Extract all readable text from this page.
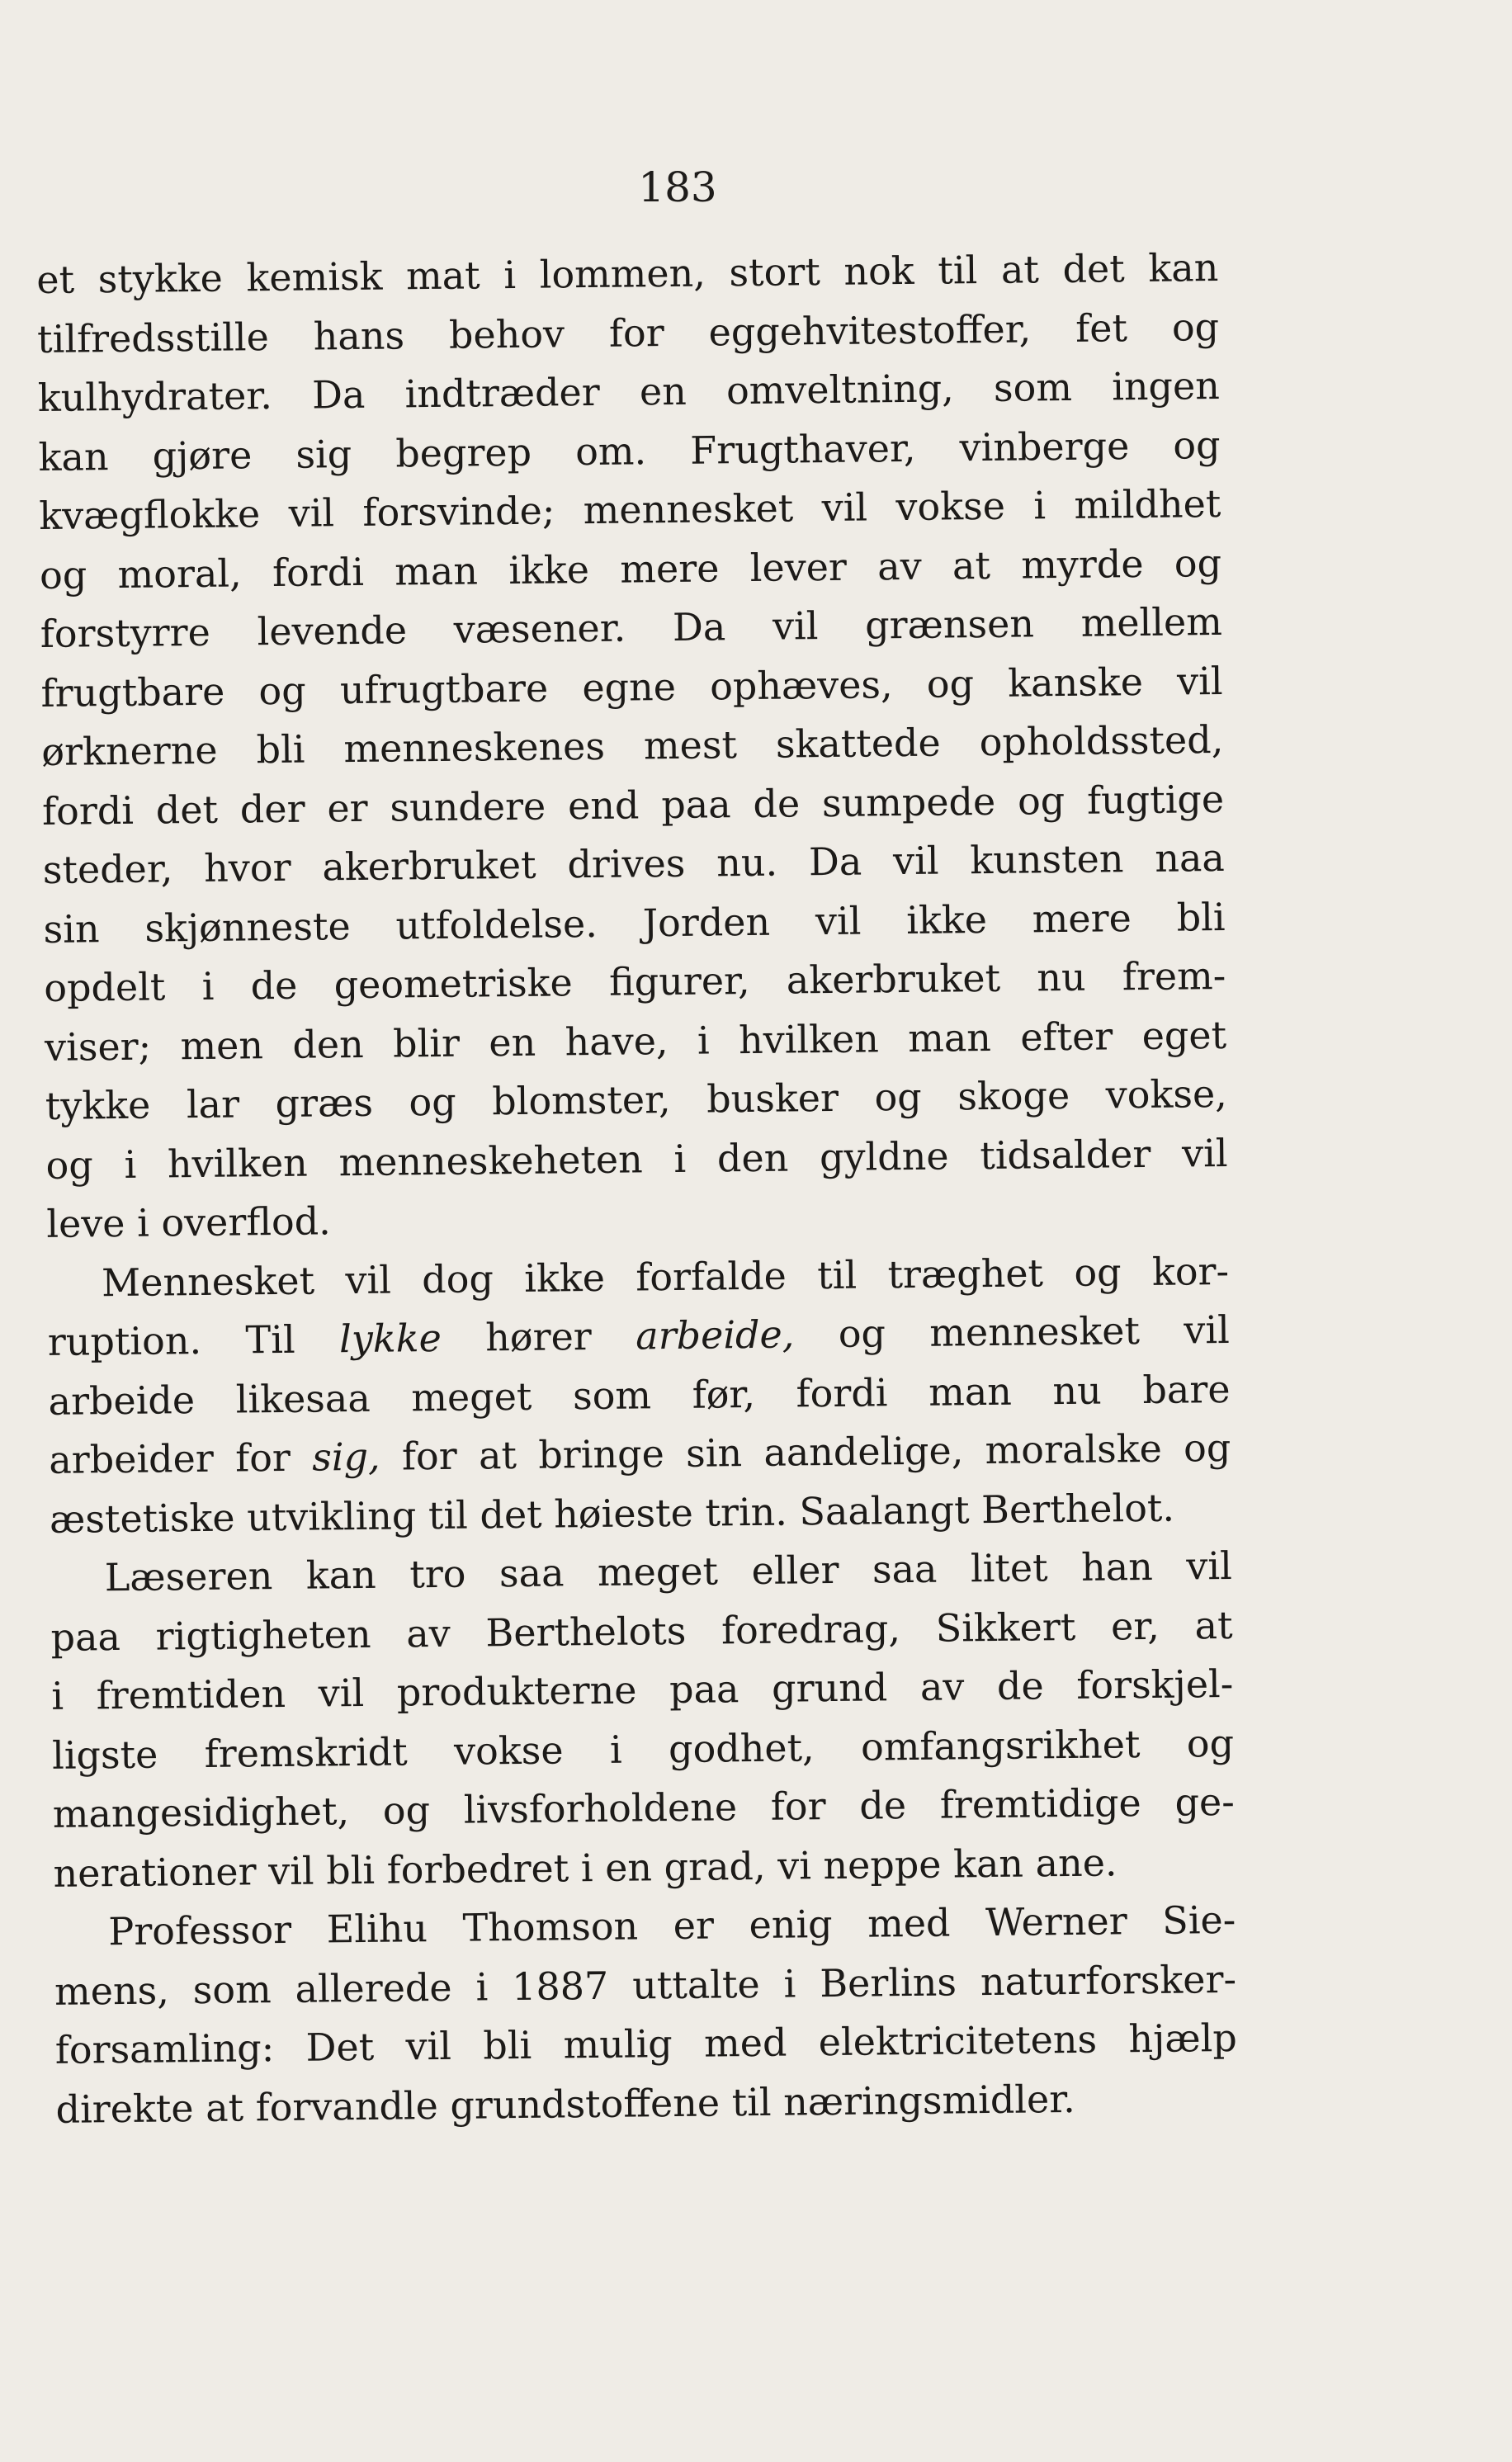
183
et stykke kemisk mat i lommen, stort nok til at det kan
tilfredsstille hans behov for eggehvitestoffer, fet og
kulhydrater. Da indtræder en omveltning, som ingen
kan gjøre sig begrep om. Frugthaver, vinberge og
kvægflokke vil forsvinde; mennesket vil vokse i mildhet
og moral, fordi man ikke mere lever av at myrde og
forstyrre levende væsener. Da vil grænsen mellem
frugtbare og ufrugtbare egne ophæves, og kanske vil
ørknerne bli menneskenes mest skattede opholdssted,
fordi det der er sundere end paa de sumpede og fugtige
steder, hvor akerbruket drives nu. Da vil kunsten naa
sin skjønneste utfoldelse. Jorden vil ikke mere bli
opdelt i de geometriske figurer, akerbruket nu frem-
viser; men den blir en have, i hvilken man efter eget
tykke lar græs og blomster, busker og skoge vokse,
og i hvilken menneskeheten i den gyldne tidsalder vil
leve i overflod.
Mennesket vil dog ikke forfalde til træghet og kor-
ruption. Til lykke hører arbeide, og mennesket vil
arbeide likesaa meget som før, fordi man nu bare
arbeider for sig, for at bringe sin aandelige, moralske og
æstetiske utvikling til det høieste trin. Saalangt Berthelot.
Læseren kan tro saa meget eller saa litet han vil
paa rigtigheten av Berthelots foredrag, Sikkert er, at
i fremtiden vil produkterne paa grund av de forskjel-
ligste fremskridt vokse i godhet, omfangsrikhet og
mangesidighet, og livsforholdene for de fremtidige ge-
nerationer vil bli forbedret i en grad, vi neppe kan ane.
Professor Elihu Thomson er enig med Werner Sie-
mens, som allerede i 1887 uttalte i Berlins naturforsker-
forsamling: Det vil bli mulig med elektricitetens hjælp
direkte at forvandle grundstoffene til næringsmidler.
